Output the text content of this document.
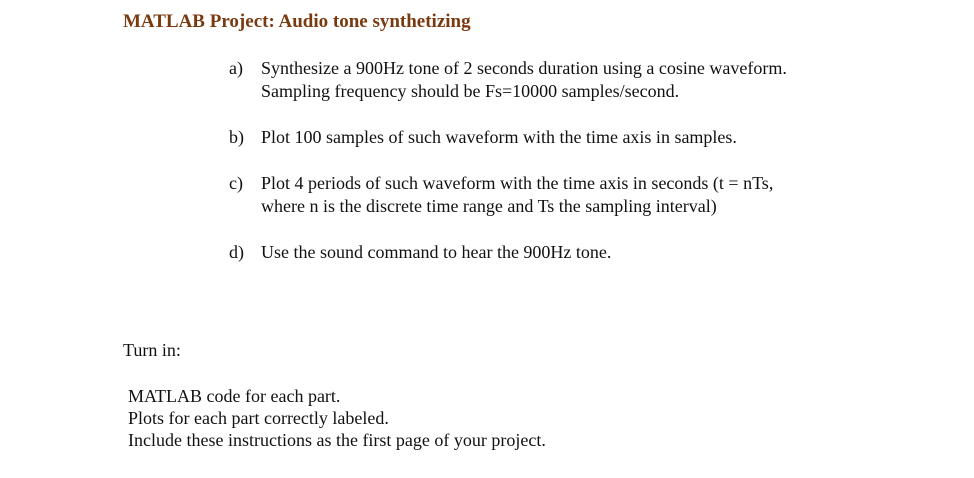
MATLAB Project: Audio tone synthetizing
a) Synthesize a 900Hz tone of 2 seconds duration using a cosine waveform.
Sampling frequency should be Fs=10000 samples/second.
b) Plot 100 samples of such waveform with the time axis in samples.
c) Plot 4 periods of such waveform with the time axis in seconds (t = nTs,
where n is the discrete time range and Ts the sampling interval)
d) Use the sound command to hear the 900Hz tone.
Turn in:
MATLAB code for each part.
Plots for each part correctly labeled.
Include these instructions as the first page of your project.
